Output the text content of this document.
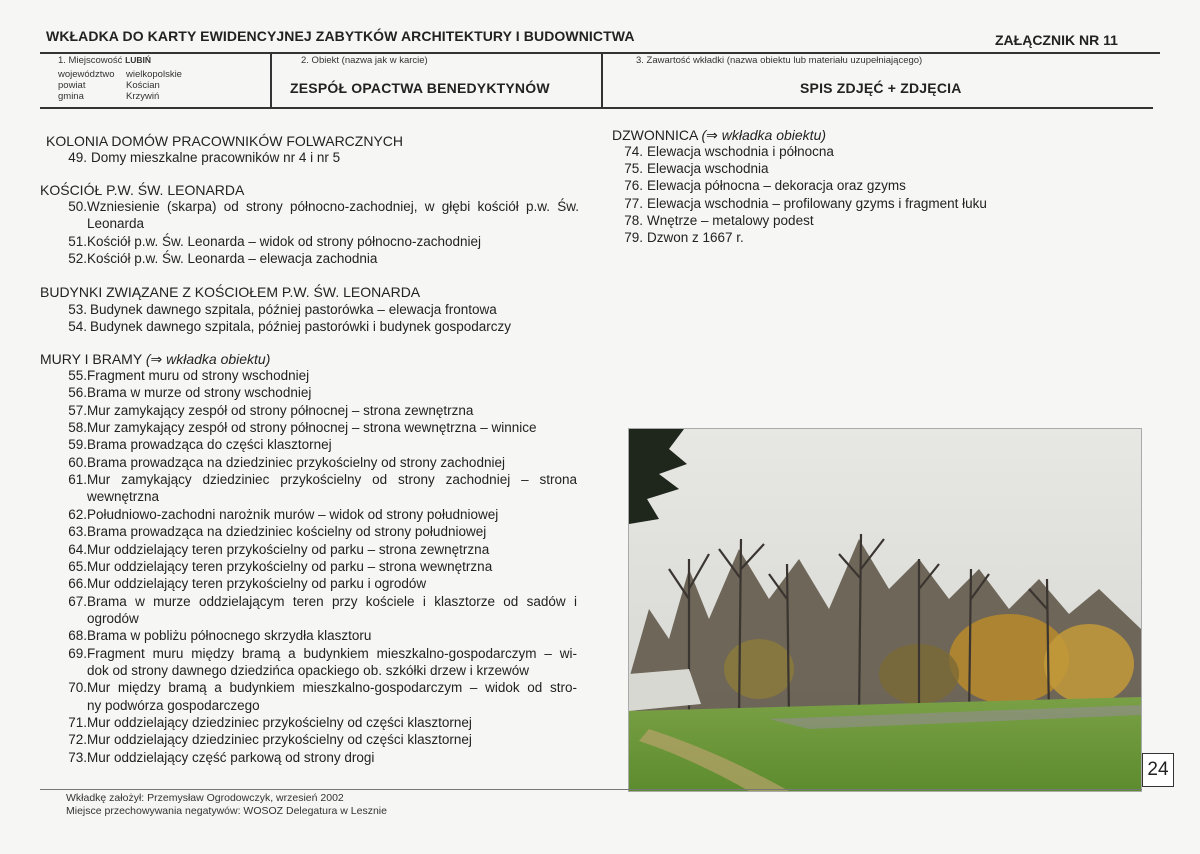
WKŁADKA DO KARTY EWIDENCYJNEJ ZABYTKÓW ARCHITEKTURY I BUDOWNICTWA	ZAŁĄCZNIK NR 11
1. Miejscowość LUBIŃ
województwo
powiat
gmina
wielkopolskie
Kościan
Krzywiń
2. Obiekt (nazwa jak w karcie)
ZESPÓŁ OPACTWA BENEDYKTYNÓW
3. Zawartość wkładki (nazwa obiektu lub materiału uzupełniającego)
SPIS ZDJĘĆ + ZDJĘCIA
KOLONIA DOMÓW PRACOWNIKÓW FOLWARCZNYCH
49. Domy mieszkalne pracowników nr 4 i nr 5
KOŚCIÓŁ P.W. ŚW. LEONARDA
50. Wzniesienie (skarpa) od strony północno-zachodniej, w głębi kościół p.w. Św.
Leonarda
51. Kościół p.w. Św. Leonarda – widok od strony północno-zachodniej
52. Kościół p.w. Św. Leonarda – elewacja zachodnia
BUDYNKI ZWIĄZANE Z KOŚCIOŁEM P.W. ŚW. LEONARDA
53. Budynek dawnego szpitala, później pastorówka – elewacja frontowa
54. Budynek dawnego szpitala, później pastorówki i budynek gospodarczy
MURY I BRAMY (⇒ wkładka obiektu)
55. Fragment muru od strony wschodniej
56. Brama w murze od strony wschodniej
57. Mur zamykający zespół od strony północnej – strona zewnętrzna
58. Mur zamykający zespół od strony północnej – strona wewnętrzna – winnice
59. Brama prowadząca do części klasztornej
60. Brama prowadząca na dziedziniec przykościelny od strony zachodniej
61. Mur zamykający dziedziniec przykościelny od strony zachodniej – strona
wewnętrzna
62. Południowo-zachodni narożnik murów – widok od strony południowej
63. Brama prowadząca na dziedziniec kościelny od strony południowej
64. Mur oddzielający teren przykościelny od parku – strona zewnętrzna
65. Mur oddzielający teren przykościelny od parku – strona wewnętrzna
66. Mur oddzielający teren przykościelny od parku i ogrodów
67. Brama w murze oddzielającym teren przy kościele i klasztorze od sadów i
ogrodów
68. Brama w pobliżu północnego skrzydła klasztoru
69. Fragment muru między bramą a budynkiem mieszkalno-gospodarczym – wi-
dok od strony dawnego dziedzińca opackiego ob. szkółki drzew i krzewów
70. Mur między bramą a budynkiem mieszkalno-gospodarczym – widok od stro-
ny podwórza gospodarczego
71. Mur oddzielający dziedziniec przykościelny od części klasztornej
72. Mur oddzielający dziedziniec przykościelny od części klasztornej
73. Mur oddzielający część parkową od strony drogi
DZWONNICA (⇒ wkładka obiektu)
74. Elewacja wschodnia i północna
75. Elewacja wschodnia
76. Elewacja północna – dekoracja oraz gzyms
77. Elewacja wschodnia – profilowany gzyms i fragment łuku
78. Wnętrze – metalowy podest
79. Dzwon z 1667 r.
24
Wkładkę założył: Przemysław Ogrodowczyk, wrzesień 2002
Miejsce przechowywania negatywów: WOSOZ Delegatura w Lesznie
